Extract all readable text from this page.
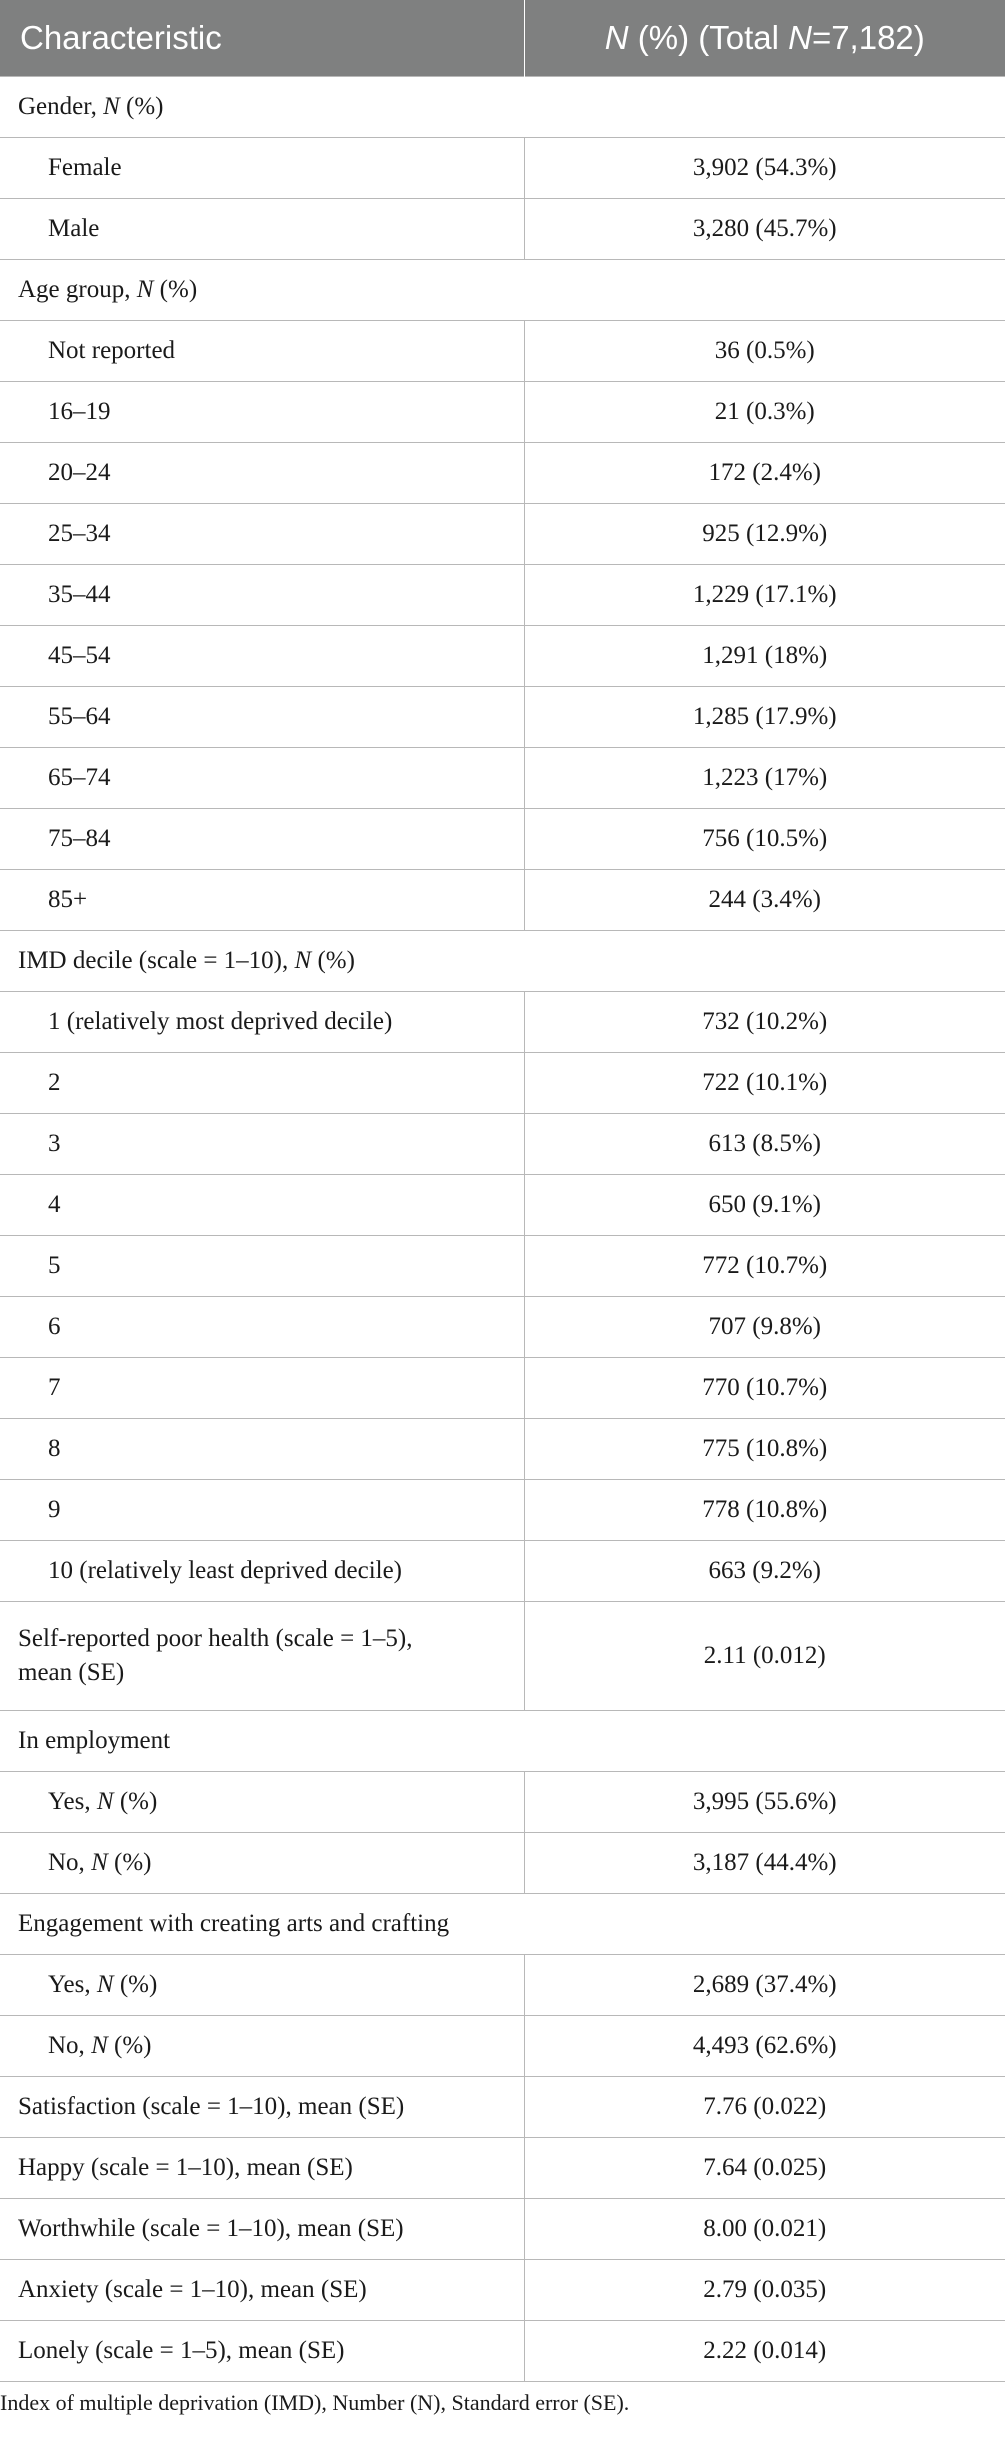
Characteristic	N (%) (Total N=7,182)
Gender, N (%)	
Female	3,902 (54.3%)
Male	3,280 (45.7%)
Age group, N (%)	
Not reported	36 (0.5%)
16–19	21 (0.3%)
20–24	172 (2.4%)
25–34	925 (12.9%)
35–44	1,229 (17.1%)
45–54	1,291 (18%)
55–64	1,285 (17.9%)
65–74	1,223 (17%)
75–84	756 (10.5%)
85+	244 (3.4%)
IMD decile (scale = 1–10), N (%)	
1 (relatively most deprived decile)	732 (10.2%)
2	722 (10.1%)
3	613 (8.5%)
4	650 (9.1%)
5	772 (10.7%)
6	707 (9.8%)
7	770 (10.7%)
8	775 (10.8%)
9	778 (10.8%)
10 (relatively least deprived decile)	663 (9.2%)
Self-reported poor health (scale = 1–5),
mean (SE)	2.11 (0.012)
In employment	
Yes, N (%)	3,995 (55.6%)
No, N (%)	3,187 (44.4%)
Engagement with creating arts and crafting	
Yes, N (%)	2,689 (37.4%)
No, N (%)	4,493 (62.6%)
Satisfaction (scale = 1–10), mean (SE)	7.76 (0.022)
Happy (scale = 1–10), mean (SE)	7.64 (0.025)
Worthwhile (scale = 1–10), mean (SE)	8.00 (0.021)
Anxiety (scale = 1–10), mean (SE)	2.79 (0.035)
Lonely (scale = 1–5), mean (SE)	2.22 (0.014)
Index of multiple deprivation (IMD), Number (N), Standard error (SE).
